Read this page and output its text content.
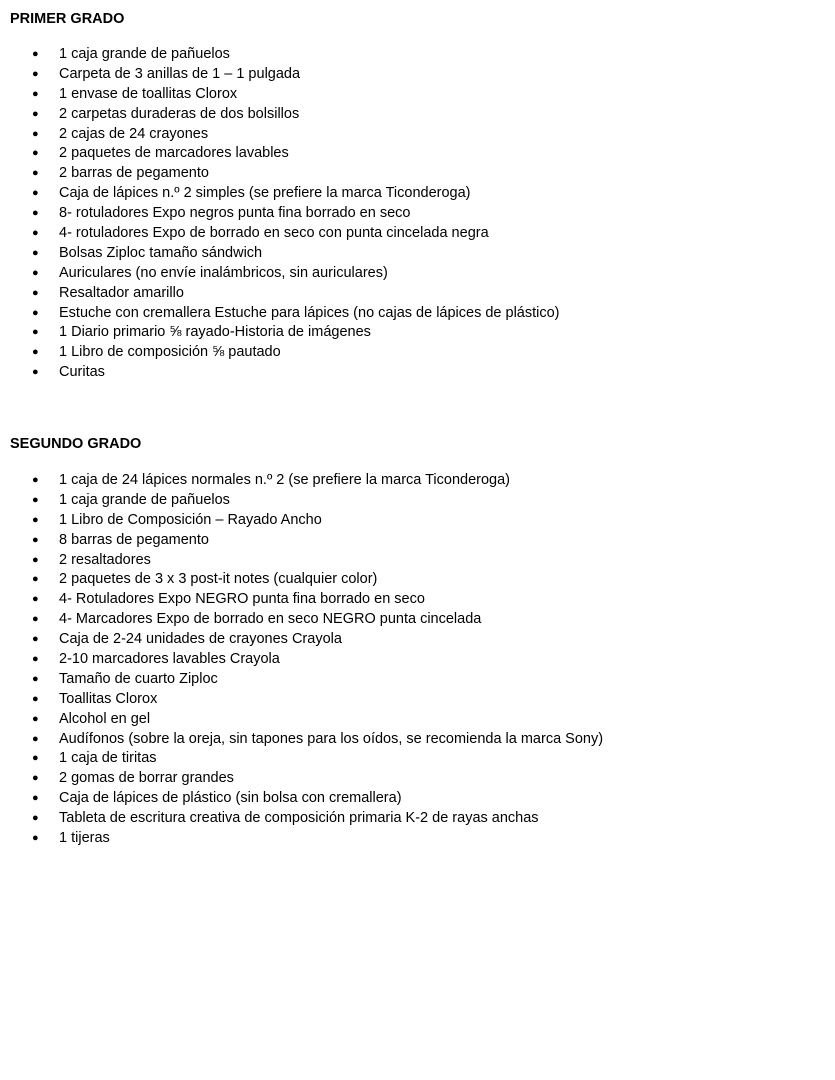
PRIMER GRADO
● 1 caja grande de pañuelos
● Carpeta de 3 anillas de 1 – 1 pulgada
● 1 envase de toallitas Clorox
● 2 carpetas duraderas de dos bolsillos
● 2 cajas de 24 crayones
● 2 paquetes de marcadores lavables
● 2 barras de pegamento
● Caja de lápices n.º 2 simples (se prefiere la marca Ticonderoga)
● 8- rotuladores Expo negros punta fina borrado en seco
● 4- rotuladores Expo de borrado en seco con punta cincelada negra
● Bolsas Ziploc tamaño sándwich
● Auriculares (no envíe inalámbricos, sin auriculares)
● Resaltador amarillo
● Estuche con cremallera Estuche para lápices (no cajas de lápices de plástico)
● 1 Diario primario ⅝ rayado-Historia de imágenes
● 1 Libro de composición ⅝ pautado
● Curitas
SEGUNDO GRADO
● 1 caja de 24 lápices normales n.º 2 (se prefiere la marca Ticonderoga)
● 1 caja grande de pañuelos
● 1 Libro de Composición – Rayado Ancho
● 8 barras de pegamento
● 2 resaltadores
● 2 paquetes de 3 x 3 post-it notes (cualquier color)
● 4- Rotuladores Expo NEGRO punta fina borrado en seco
● 4- Marcadores Expo de borrado en seco NEGRO punta cincelada
● Caja de 2-24 unidades de crayones Crayola
● 2-10 marcadores lavables Crayola
● Tamaño de cuarto Ziploc
● Toallitas Clorox
● Alcohol en gel
● Audífonos (sobre la oreja, sin tapones para los oídos, se recomienda la marca Sony)
● 1 caja de tiritas
● 2 gomas de borrar grandes
● Caja de lápices de plástico (sin bolsa con cremallera)
● Tableta de escritura creativa de composición primaria K-2 de rayas anchas
● 1 tijeras
